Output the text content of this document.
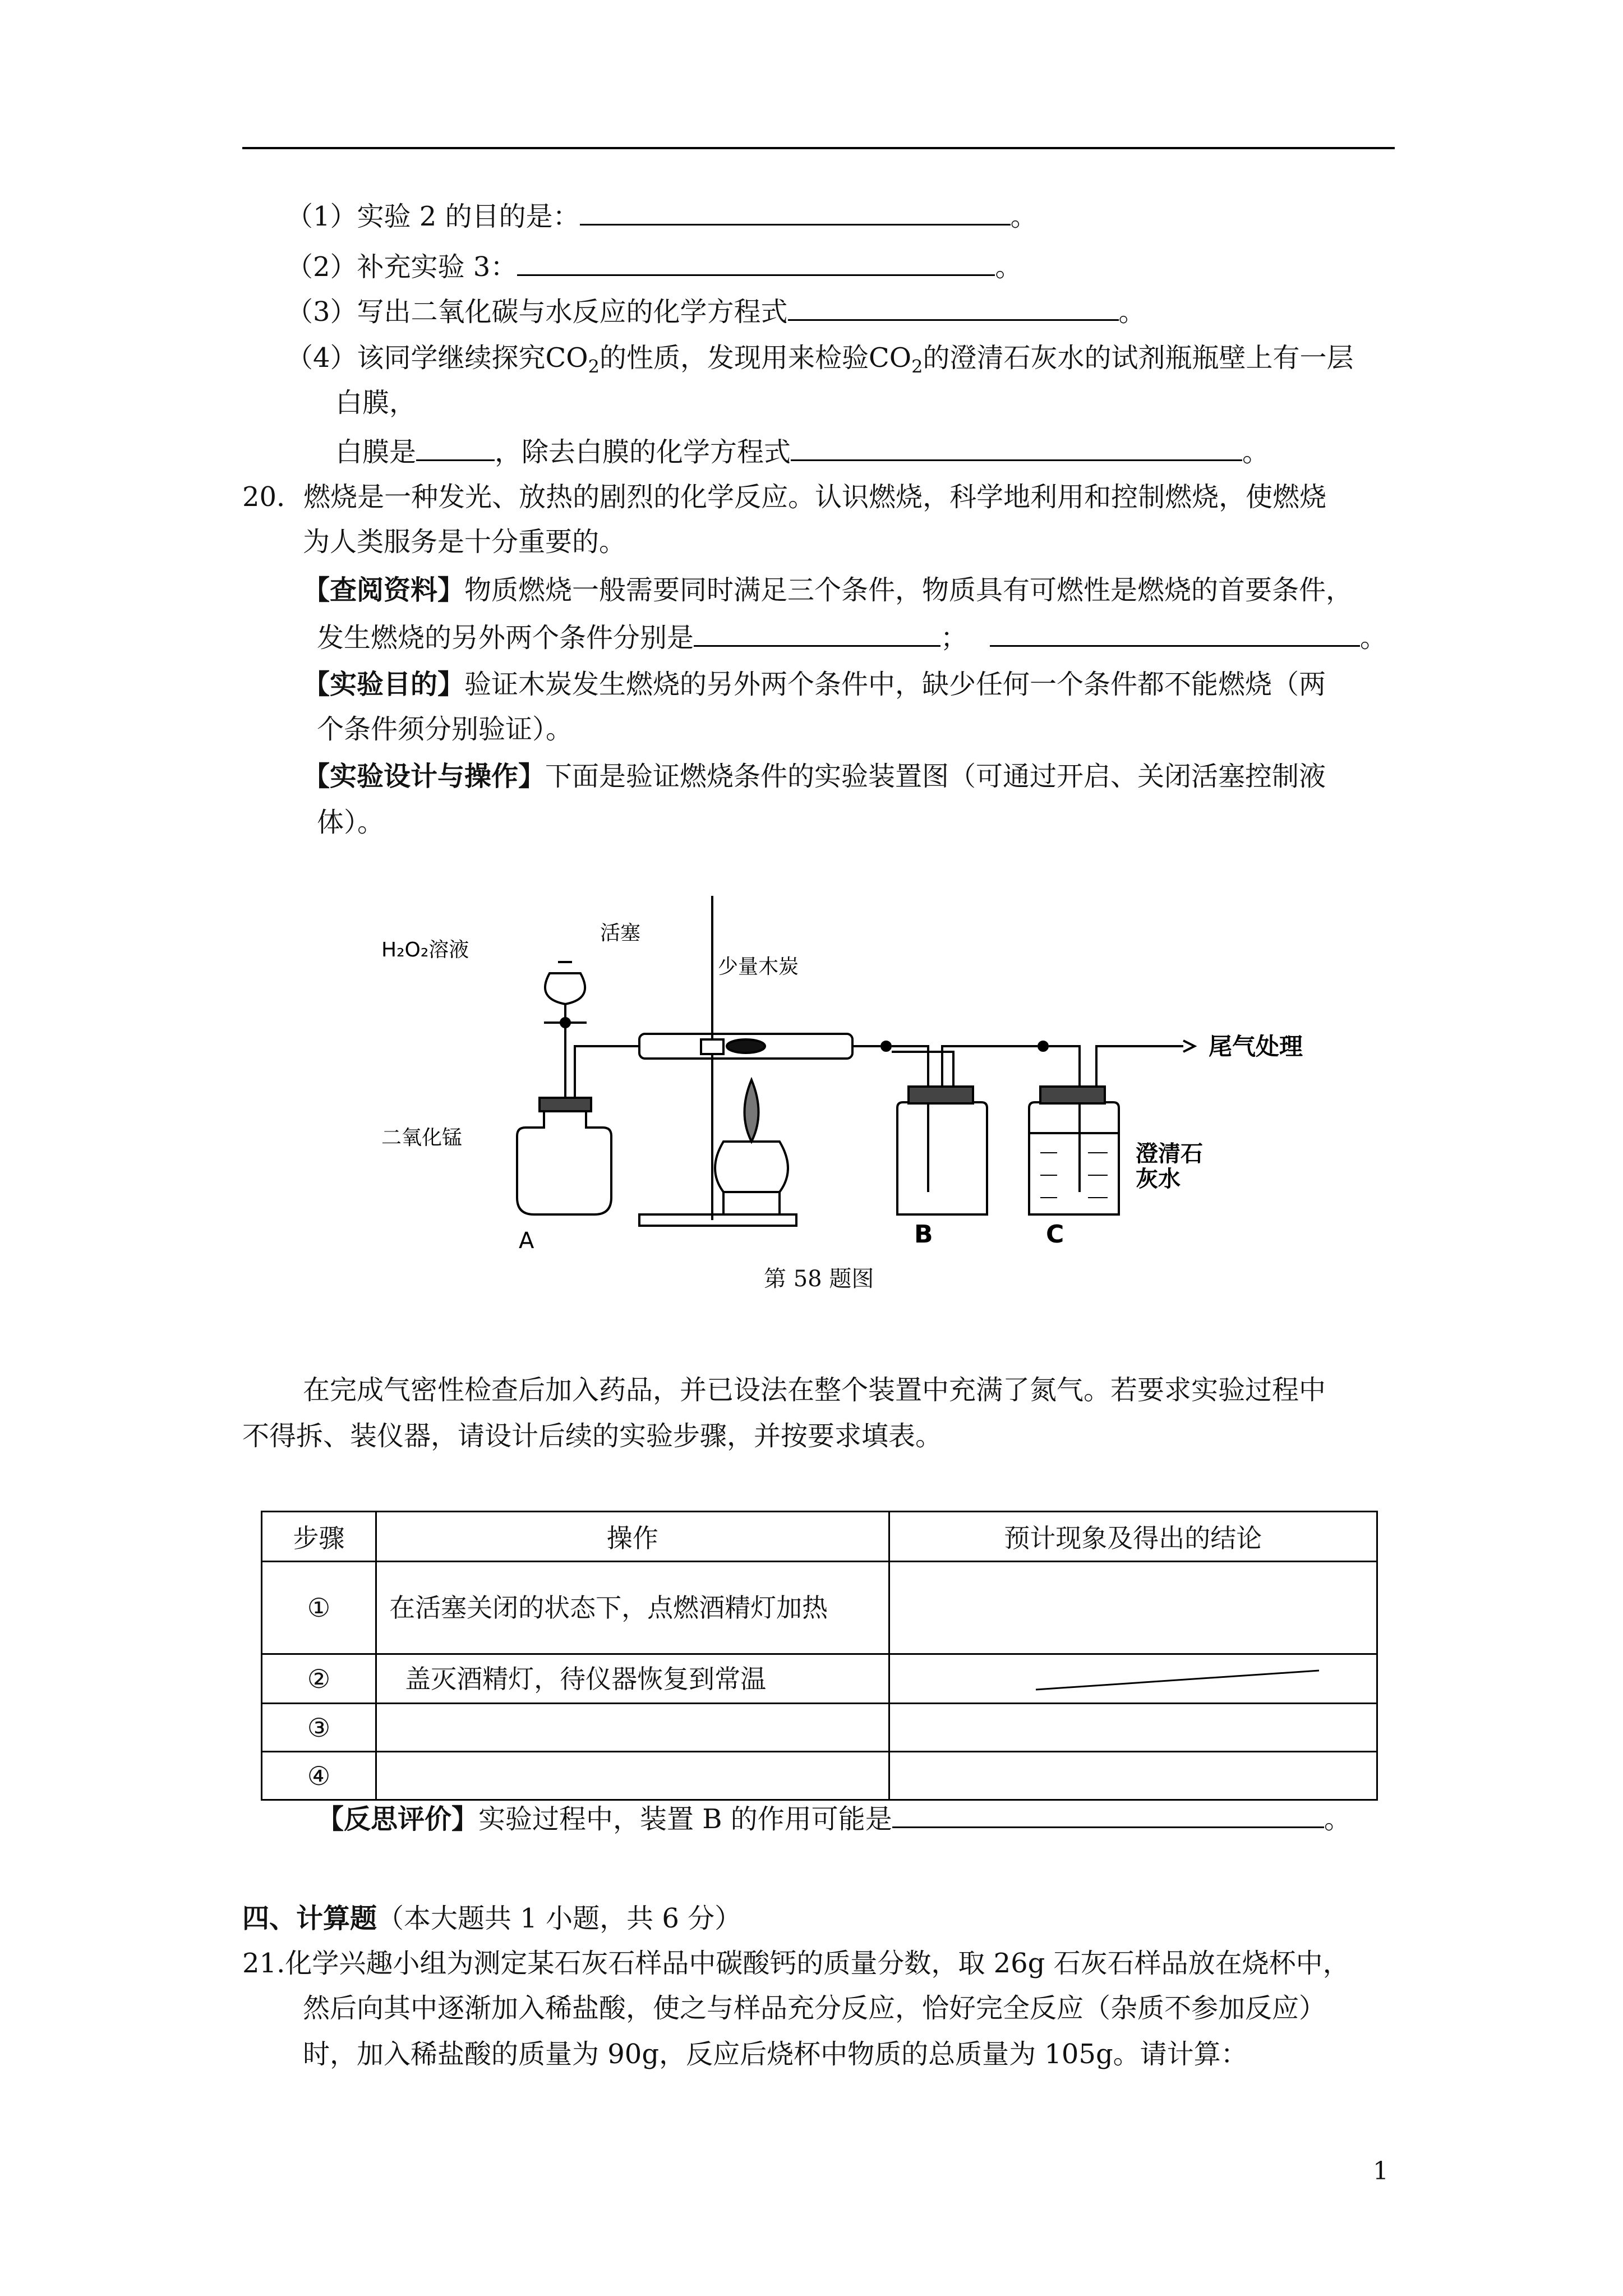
（1）实验 2 的目的是：	。
（2）补充实验 3：	。
（3）写出二氧化碳与水反应的化学方程式	。
（4）该同学继续探究$CO_2$的性质，发现用来检验$CO_2$的澄清石灰水的试剂瓶瓶壁上有一层
白膜，
白膜是	，除去白膜的化学方程式	。
20．燃烧是一种发光、放热的剧烈的化学反应。认识燃烧，科学地利用和控制燃烧，使燃烧
为人类服务是十分重要的。
【查阅资料】物质燃烧一般需要同时满足三个条件，物质具有可燃性是燃烧的首要条件，
发生燃烧的另外两个条件分别是	；	。
【实验目的】验证木炭发生燃烧的另外两个条件中，缺少任何一个条件都不能燃烧（两
个条件须分别验证）。
【实验设计与操作】下面是验证燃烧条件的实验装置图（可通过开启、关闭活塞控制液
体）。
H₂O₂溶液
活塞
少量木炭
尾气处理
二氧化锰
澄清石
灰水
A	B	C
第 58 题图
在完成气密性检查后加入药品，并已设法在整个装置中充满了氮气。若要求实验过程中
不得拆、装仪器，请设计后续的实验步骤，并按要求填表。
步骤	操作	预计现象及得出的结论
①	在活塞关闭的状态下，点燃酒精灯加热	
②	盖灭酒精灯，待仪器恢复到常温	

③		
④		
【反思评价】实验过程中，装置 B 的作用可能是	。
四、计算题（本大题共 1 小题，共 6 分）
21.化学兴趣小组为测定某石灰石样品中碳酸钙的质量分数，取 26g 石灰石样品放在烧杯中，
然后向其中逐渐加入稀盐酸，使之与样品充分反应，恰好完全反应（杂质不参加反应）
时，加入稀盐酸的质量为 90g，反应后烧杯中物质的总质量为 105g。请计算：
1
